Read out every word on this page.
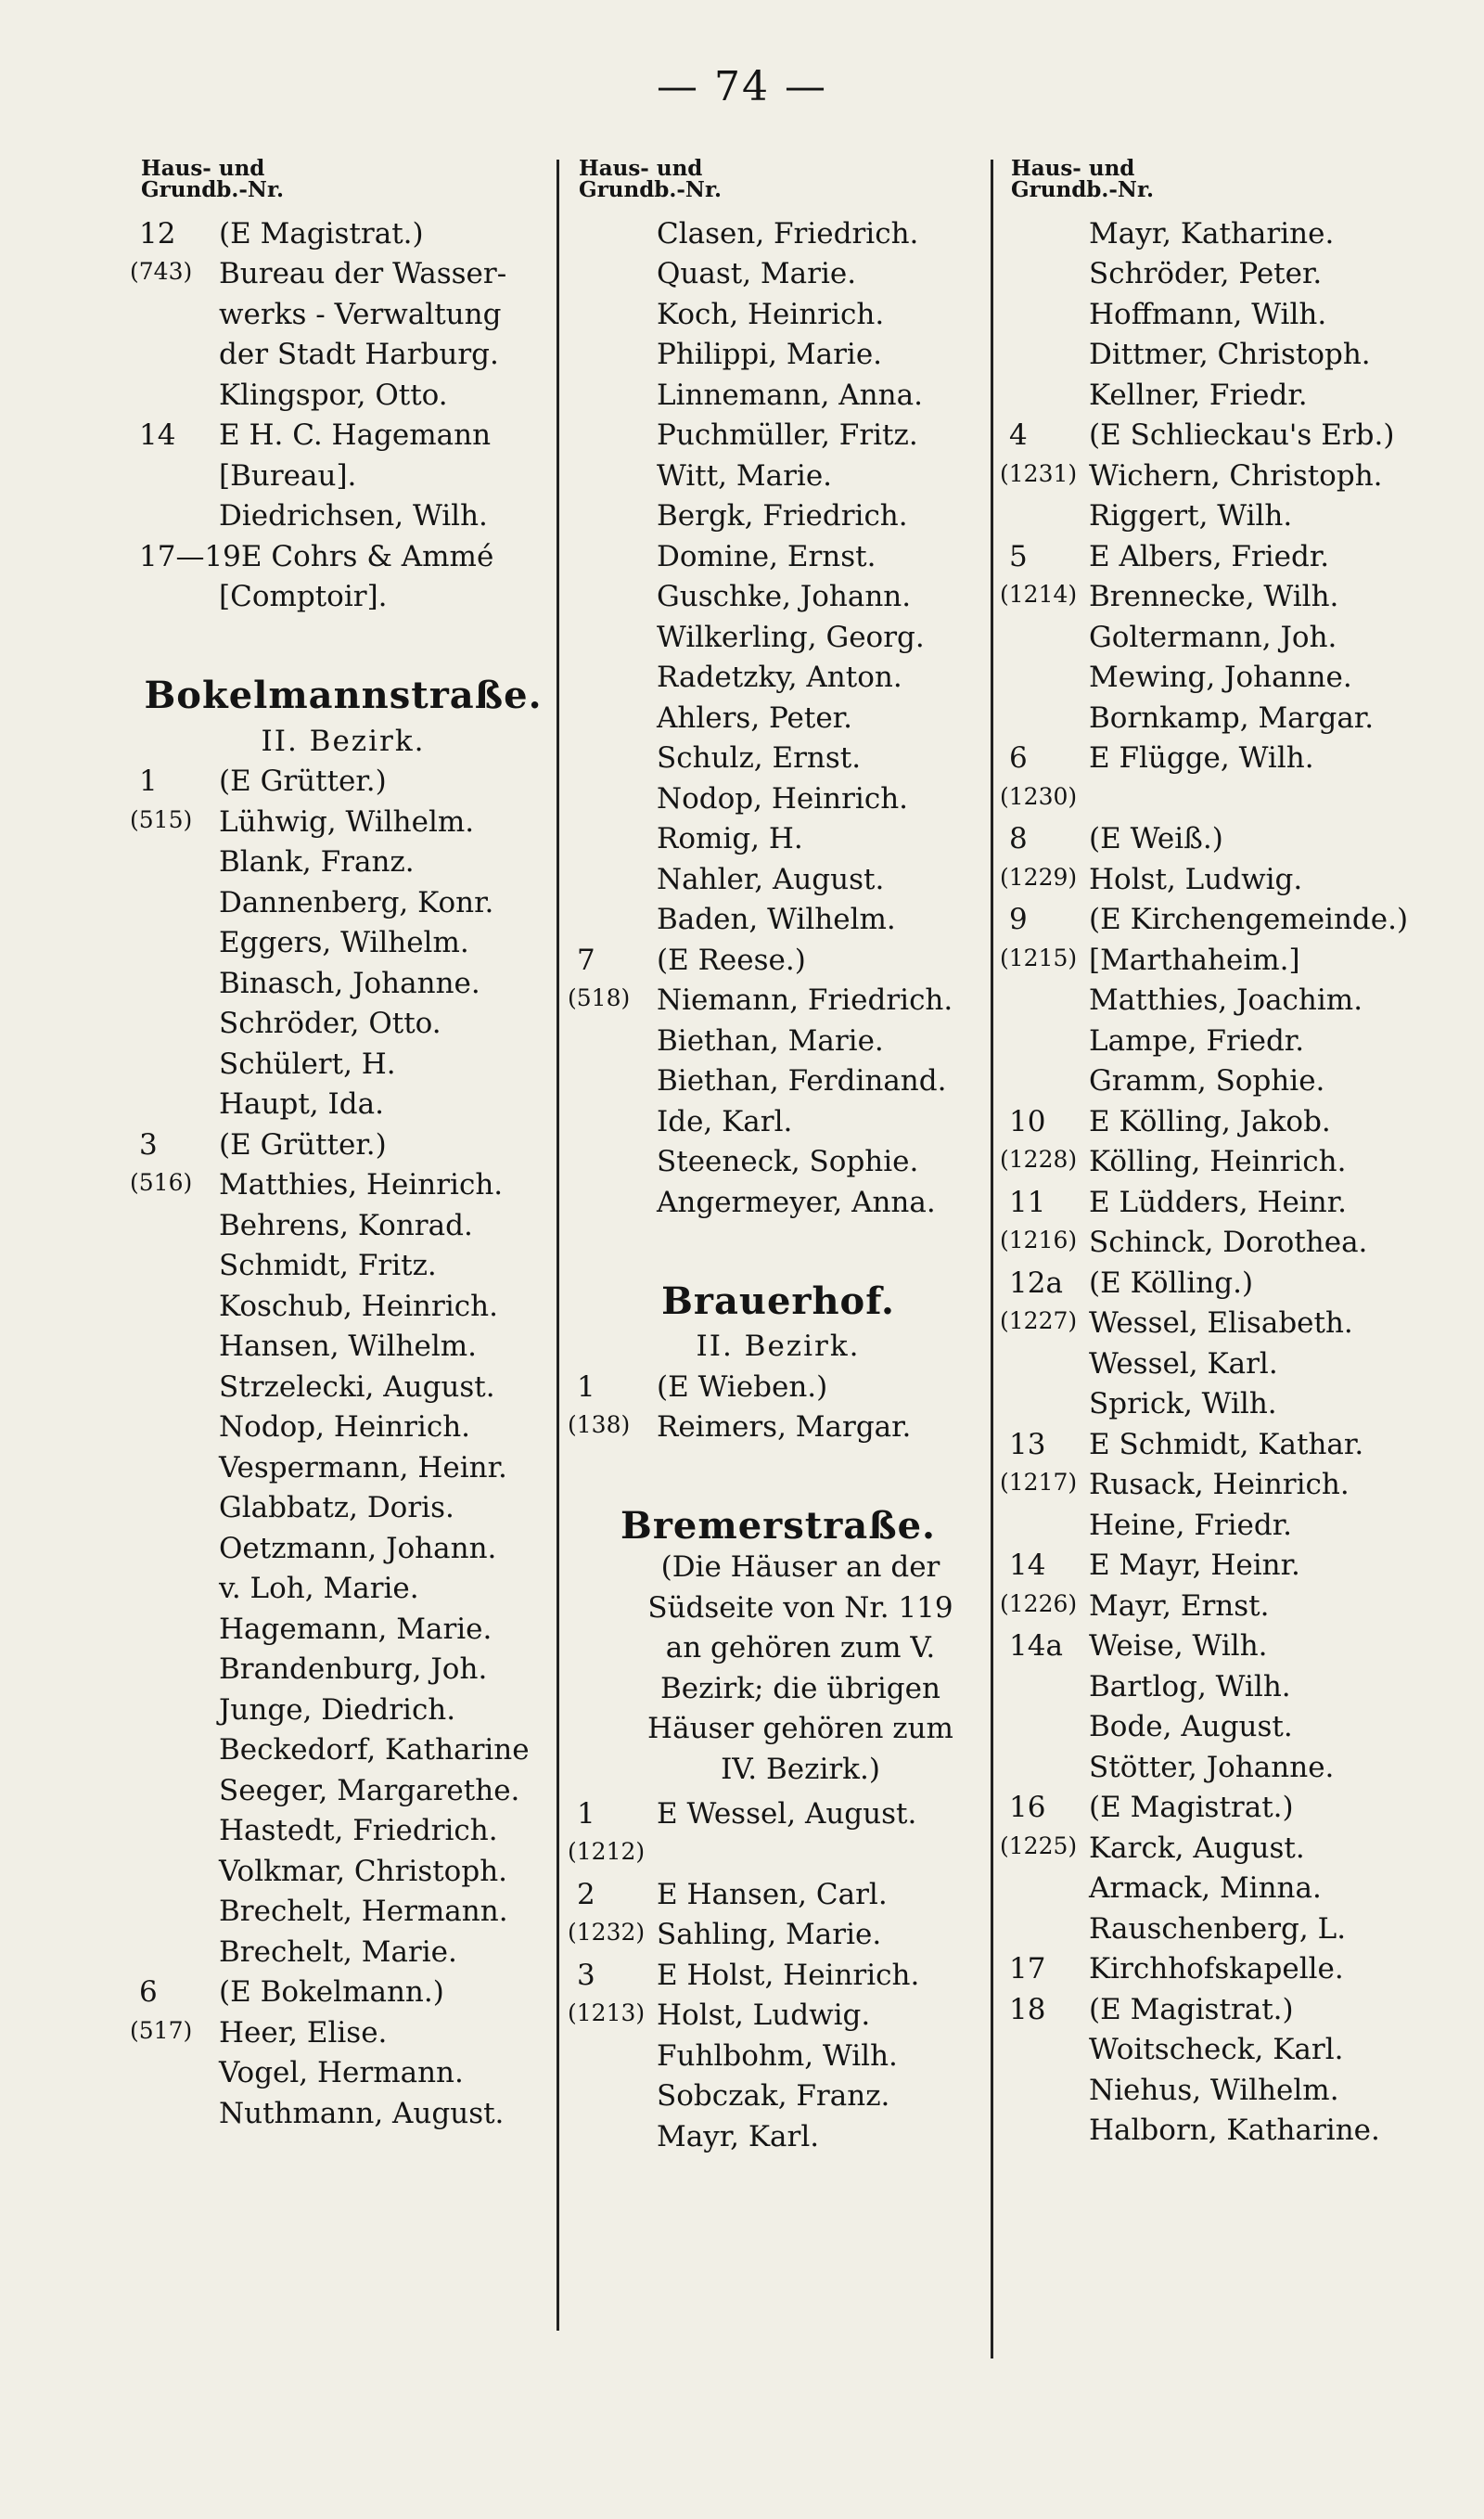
— 74 —
Haus- und
Grundb.-Nr.
12	(E Magistrat.)
(743) Bureau der Wasser-
werks - Verwaltung
der Stadt Harburg.
Klingspor, Otto.
14	E H. C. Hagemann
[Bureau].
Diedrichsen, Wilh.
17—19 E Cohrs & Ammé
[Comptoir].
Bokelmannstraße.
II. Bezirk.
1	(E Grütter.)
(515) Lühwig, Wilhelm.
Blank, Franz.
Dannenberg, Konr.
Eggers, Wilhelm.
Binasch, Johanne.
Schröder, Otto.
Schülert, H.
Haupt, Ida.
3	(E Grütter.)
(516) Matthies, Heinrich.
Behrens, Konrad.
Schmidt, Fritz.
Koschub, Heinrich.
Hansen, Wilhelm.
Strzelecki, August.
Nodop, Heinrich.
Vespermann, Heinr.
Glabbatz, Doris.
Oetzmann, Johann.
v. Loh, Marie.
Hagemann, Marie.
Brandenburg, Joh.
Junge, Diedrich.
Beckedorf, Katharine
Seeger, Margarethe.
Hastedt, Friedrich.
Volkmar, Christoph.
Brechelt, Hermann.
Brechelt, Marie.
6	(E Bokelmann.)
(517) Heer, Elise.
Vogel, Hermann.
Nuthmann, August.
Haus- und
Grundb.-Nr.
Clasen, Friedrich.
Quast, Marie.
Koch, Heinrich.
Philippi, Marie.
Linnemann, Anna.
Puchmüller, Fritz.
Witt, Marie.
Bergk, Friedrich.
Domine, Ernst.
Guschke, Johann.
Wilkerling, Georg.
Radetzky, Anton.
Ahlers, Peter.
Schulz, Ernst.
Nodop, Heinrich.
Romig, H.
Nahler, August.
Baden, Wilhelm.
7	(E Reese.)
(518) Niemann, Friedrich.
Biethan, Marie.
Biethan, Ferdinand.
Ide, Karl.
Steeneck, Sophie.
Angermeyer, Anna.
Brauerhof.
II. Bezirk.
1	(E Wieben.)
(138) Reimers, Margar.
Bremerstraße.
(Die Häuser an der
Südseite von Nr. 119
an gehören zum V.
Bezirk; die übrigen
Häuser gehören zum
IV. Bezirk.)
1	E Wessel, August.
(1212)
2	E Hansen, Carl.
(1232) Sahling, Marie.
3	E Holst, Heinrich.
(1213) Holst, Ludwig.
Fuhlbohm, Wilh.
Sobczak, Franz.
Mayr, Karl.
Haus- und
Grundb.-Nr.
Mayr, Katharine.
Schröder, Peter.
Hoffmann, Wilh.
Dittmer, Christoph.
Kellner, Friedr.
4	(E Schlieckau's Erb.)
(1231) Wichern, Christoph.
Riggert, Wilh.
5	E Albers, Friedr.
(1214) Brennecke, Wilh.
Goltermann, Joh.
Mewing, Johanne.
Bornkamp, Margar.
6	E Flügge, Wilh.
(1230)
8	(E Weiß.)
(1229) Holst, Ludwig.
9	(E Kirchengemeinde.)
(1215) [Marthaheim.]
Matthies, Joachim.
Lampe, Friedr.
Gramm, Sophie.
10	E Kölling, Jakob.
(1228) Kölling, Heinrich.
11	E Lüdders, Heinr.
(1216) Schinck, Dorothea.
12a (E Kölling.)
(1227) Wessel, Elisabeth.
Wessel, Karl.
Sprick, Wilh.
13	E Schmidt, Kathar.
(1217) Rusack, Heinrich.
Heine, Friedr.
14	E Mayr, Heinr.
(1226) Mayr, Ernst.
14a Weise, Wilh.
Bartlog, Wilh.
Bode, August.
Stötter, Johanne.
16	(E Magistrat.)
(1225) Karck, August.
Armack, Minna.
Rauschenberg, L.
17	Kirchhofskapelle.
18	(E Magistrat.)
Woitscheck, Karl.
Niehus, Wilhelm.
Halborn, Katharine.
